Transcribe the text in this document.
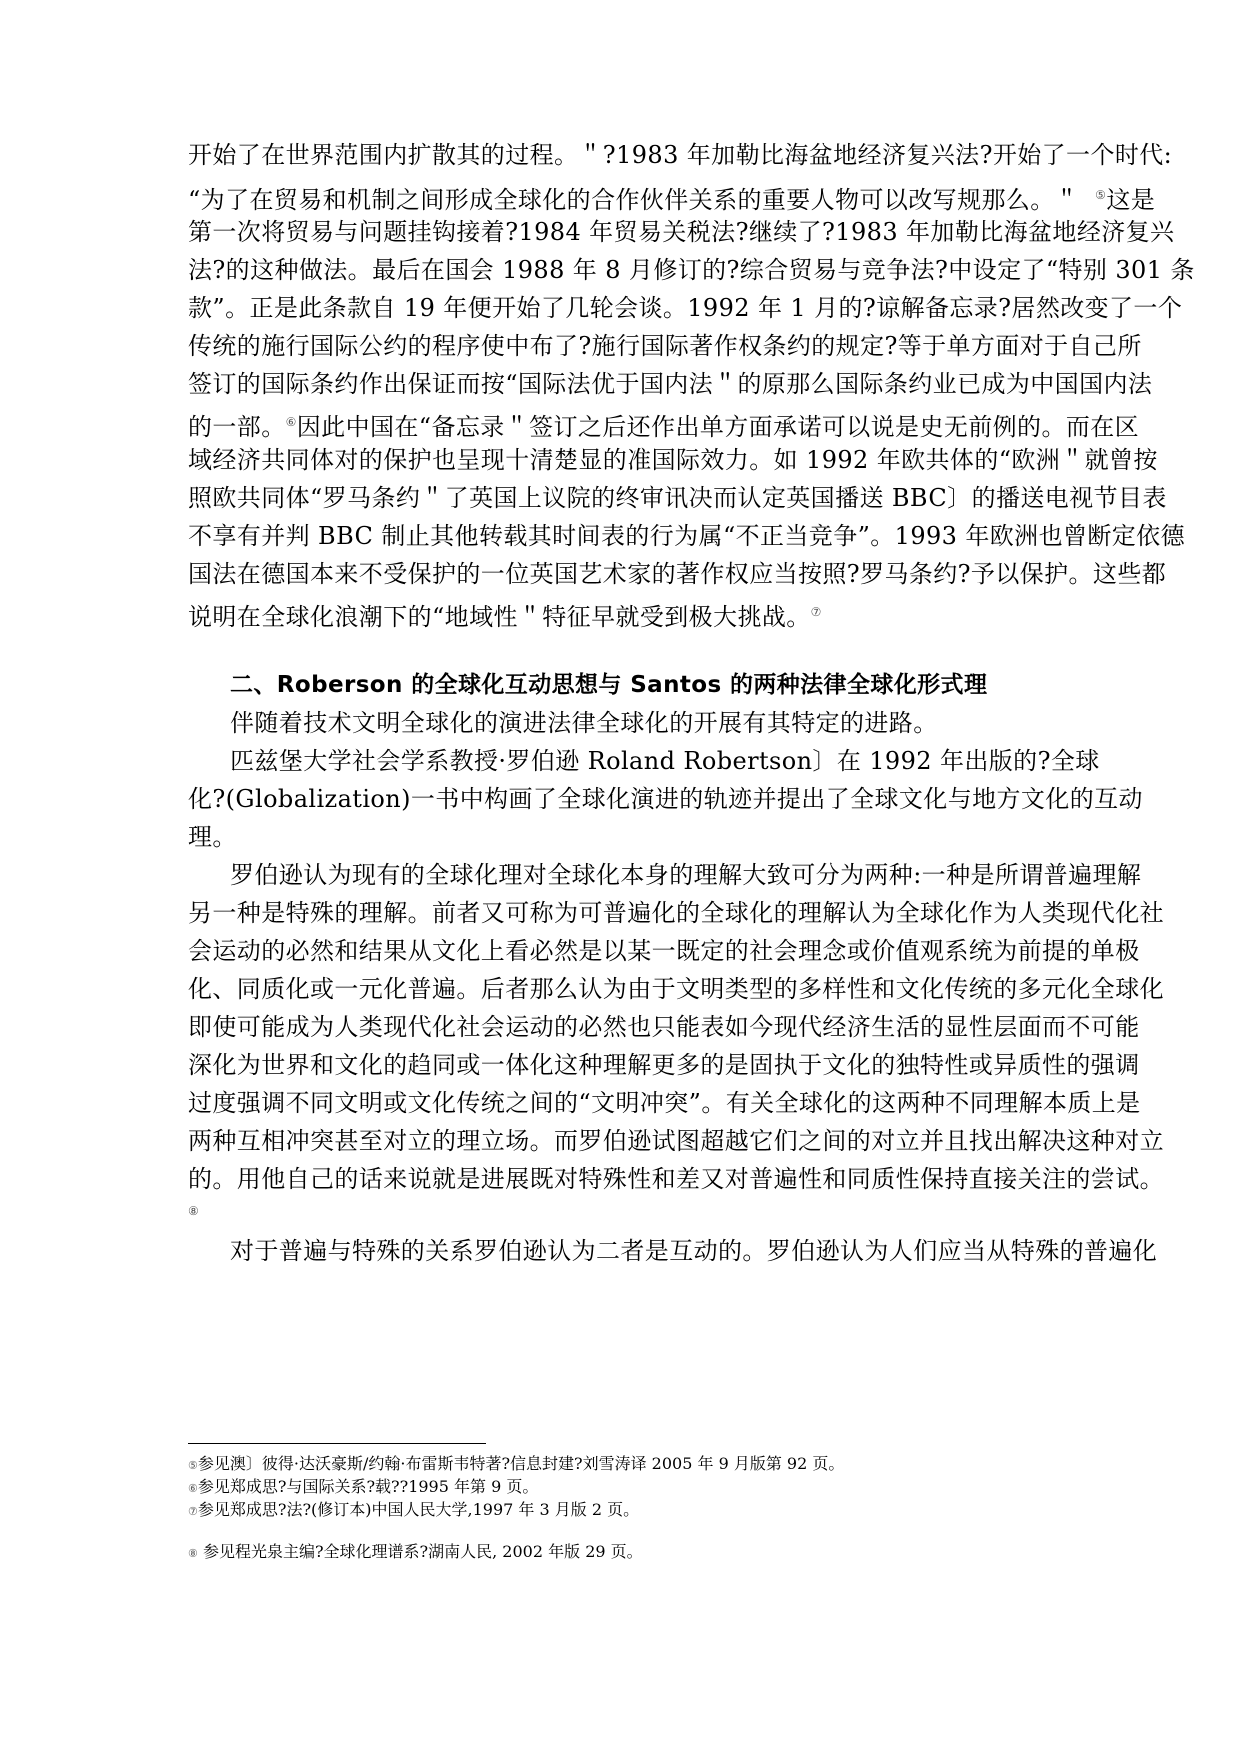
开始了在世界范围内扩散其的过程。＂?1983 年加勒比海盆地经济复兴法?开始了一个时代:
“为了在贸易和机制之间形成全球化的合作伙伴关系的重要人物可以改写规那么。＂ ⑤这是
第一次将贸易与问题挂钩接着?1984 年贸易关税法?继续了?1983 年加勒比海盆地经济复兴
法?的这种做法。最后在国会 1988 年 8 月修订的?综合贸易与竞争法?中设定了“特别 301 条
款”。正是此条款自 19 年便开始了几轮会谈。1992 年 1 月的?谅解备忘录?居然改变了一个
传统的施行国际公约的程序使中布了?施行国际著作权条约的规定?等于单方面对于自己所
签订的国际条约作出保证而按“国际法优于国内法＂的原那么国际条约业已成为中国国内法
的一部。⑥因此中国在“备忘录＂签订之后还作出单方面承诺可以说是史无前例的。而在区
域经济共同体对的保护也呈现十清楚显的准国际效力。如 1992 年欧共体的“欧洲＂就曾按
照欧共同体“罗马条约＂了英国上议院的终审讯决而认定英国播送 BBC〕的播送电视节目表
不享有并判 BBC 制止其他转载其时间表的行为属“不正当竞争”。1993 年欧洲也曾断定依德
国法在德国本来不受保护的一位英国艺术家的著作权应当按照?罗马条约?予以保护。这些都
说明在全球化浪潮下的“地域性＂特征早就受到极大挑战。⑦
二、Roberson 的全球化互动思想与 Santos 的两种法律全球化形式理
伴随着技术文明全球化的演进法律全球化的开展有其特定的进路。
匹兹堡大学社会学系教授·罗伯逊 Roland Robertson〕在 1992 年出版的?全球
化?(Globalization)一书中构画了全球化演进的轨迹并提出了全球文化与地方文化的互动
理。
罗伯逊认为现有的全球化理对全球化本身的理解大致可分为两种:一种是所谓普遍理解
另一种是特殊的理解。前者又可称为可普遍化的全球化的理解认为全球化作为人类现代化社
会运动的必然和结果从文化上看必然是以某一既定的社会理念或价值观系统为前提的单极
化、同质化或一元化普遍。后者那么认为由于文明类型的多样性和文化传统的多元化全球化
即使可能成为人类现代化社会运动的必然也只能表如今现代经济生活的显性层面而不可能
深化为世界和文化的趋同或一体化这种理解更多的是固执于文化的独特性或异质性的强调
过度强调不同文明或文化传统之间的“文明冲突”。有关全球化的这两种不同理解本质上是
两种互相冲突甚至对立的理立场。而罗伯逊试图超越它们之间的对立并且找出解决这种对立
的。用他自己的话来说就是进展既对特殊性和差又对普遍性和同质性保持直接关注的尝试。
⑧
对于普遍与特殊的关系罗伯逊认为二者是互动的。罗伯逊认为人们应当从特殊的普遍化
⑤参见澳〕彼得·达沃豪斯/约翰·布雷斯韦特著?信息封建?刘雪涛译 2005 年 9 月版第 92 页。
⑥参见郑成思?与国际关系?载??1995 年第 9 页。
⑦参见郑成思?法?(修订本)中国人民大学,1997 年 3 月版 2 页。
⑧ 参见程光泉主编?全球化理谱系?湖南人民, 2002 年版 29 页。
